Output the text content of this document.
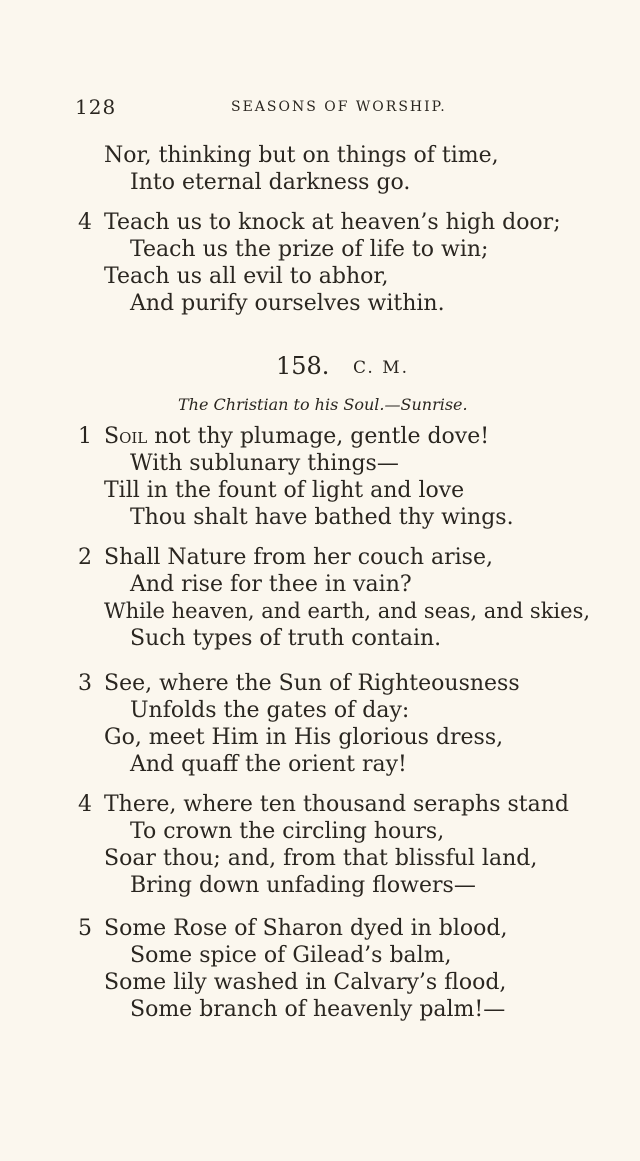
128	SEASONS OF WORSHIP.
Nor, thinking but on things of time,
Into eternal darkness go.
4 Teach us to knock at heaven’s high door;
Teach us the prize of life to win;
Teach us all evil to abhor,
And purify ourselves within.
158. C. M.
The Christian to his Soul.—Sunrise.
1 Soil not thy plumage, gentle dove!
With sublunary things—
Till in the fount of light and love
Thou shalt have bathed thy wings.
2 Shall Nature from her couch arise,
And rise for thee in vain?
While heaven, and earth, and seas, and skies,
Such types of truth contain.
3 See, where the Sun of Righteousness
Unfolds the gates of day:
Go, meet Him in His glorious dress,
And quaff the orient ray!
4 There, where ten thousand seraphs stand
To crown the circling hours,
Soar thou; and, from that blissful land,
Bring down unfading flowers—
5 Some Rose of Sharon dyed in blood,
Some spice of Gilead’s balm,
Some lily washed in Calvary’s flood,
Some branch of heavenly palm!—
